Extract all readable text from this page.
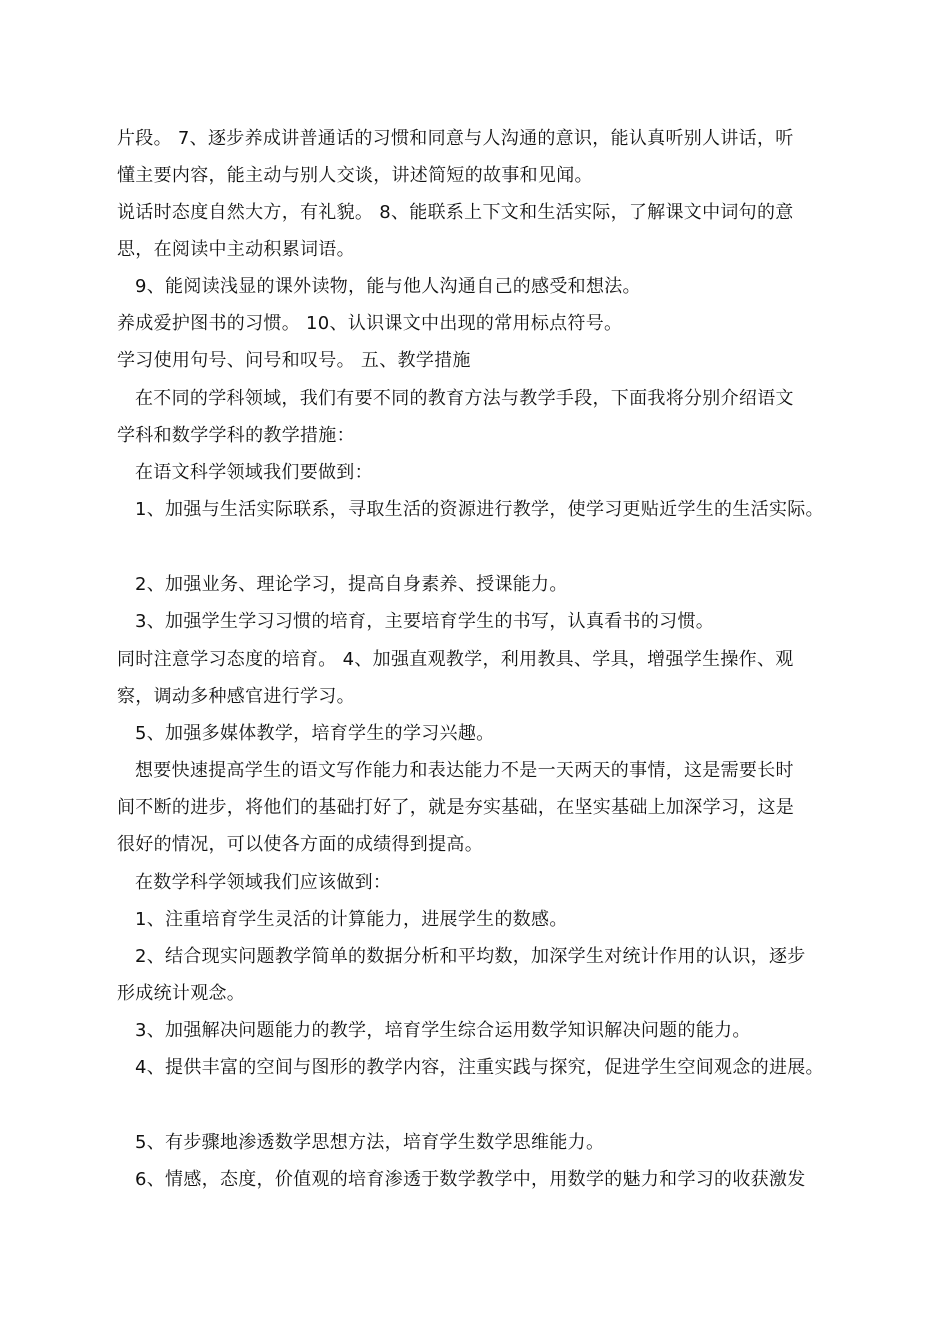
片段。 7、逐步养成讲普通话的习惯和同意与人沟通的意识，能认真听别人讲话，听
懂主要内容，能主动与别人交谈，讲述简短的故事和见闻。
说话时态度自然大方，有礼貌。 8、能联系上下文和生活实际，了解课文中词句的意
思，在阅读中主动积累词语。
9、能阅读浅显的课外读物，能与他人沟通自己的感受和想法。
养成爱护图书的习惯。 10、认识课文中出现的常用标点符号。
学习使用句号、问号和叹号。 五、教学措施
在不同的学科领域，我们有要不同的教育方法与教学手段，下面我将分别介绍语文
学科和数学学科的教学措施：
在语文科学领域我们要做到：
1、加强与生活实际联系，寻取生活的资源进行教学，使学习更贴近学生的生活实际。
2、加强业务、理论学习，提高自身素养、授课能力。
3、加强学生学习习惯的培育，主要培育学生的书写，认真看书的习惯。
同时注意学习态度的培育。 4、加强直观教学，利用教具、学具，增强学生操作、观
察，调动多种感官进行学习。
5、加强多媒体教学，培育学生的学习兴趣。
想要快速提高学生的语文写作能力和表达能力不是一天两天的事情，这是需要长时
间不断的进步，将他们的基础打好了，就是夯实基础，在坚实基础上加深学习，这是
很好的情况，可以使各方面的成绩得到提高。
在数学科学领域我们应该做到：
1、注重培育学生灵活的计算能力，进展学生的数感。
2、结合现实问题教学简单的数据分析和平均数，加深学生对统计作用的认识，逐步
形成统计观念。
3、加强解决问题能力的教学，培育学生综合运用数学知识解决问题的能力。
4、提供丰富的空间与图形的教学内容，注重实践与探究，促进学生空间观念的进展。
5、有步骤地渗透数学思想方法，培育学生数学思维能力。
6、情感，态度，价值观的培育渗透于数学教学中，用数学的魅力和学习的收获激发
